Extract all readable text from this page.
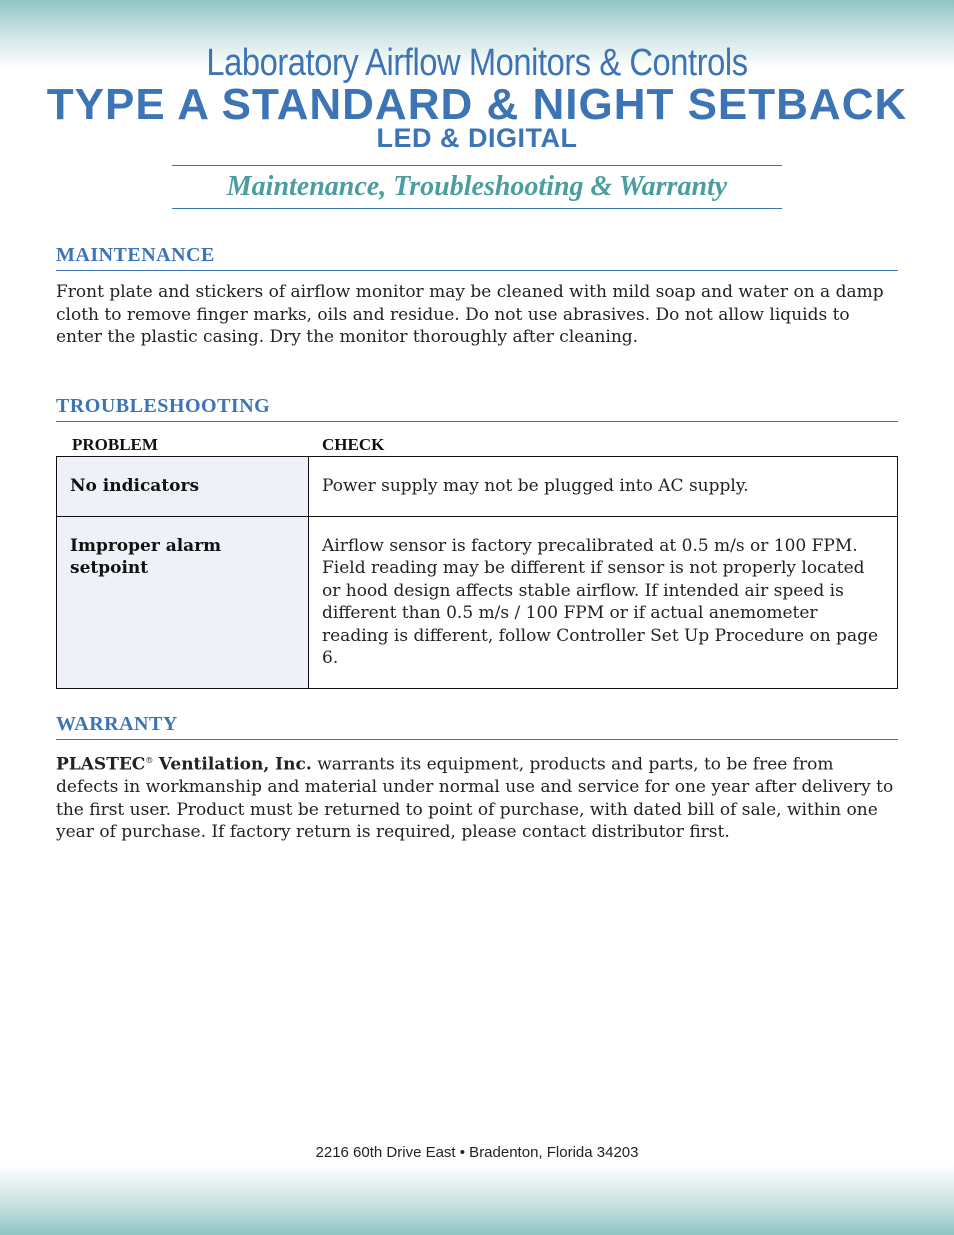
Laboratory Airflow Monitors & Controls
TYPE A STANDARD & NIGHT SETBACK
LED & DIGITAL
Maintenance, Troubleshooting & Warranty
MAINTENANCE
Front plate and stickers of airflow monitor may be cleaned with mild soap and water on a damp cloth to remove finger marks, oils and residue. Do not use abrasives. Do not allow liquids to enter the plastic casing. Dry the monitor thoroughly after cleaning.
TROUBLESHOOTING
PROBLEM	CHECK
No indicators	Power supply may not be plugged into AC supply.
Improper alarm setpoint	Airflow sensor is factory precalibrated at 0.5 m/s or 100 FPM. Field reading may be different if sensor is not properly located or hood design affects stable airflow. If intended air speed is different than 0.5 m/s / 100 FPM or if actual anemometer reading is different, follow Controller Set Up Procedure on page 6.
WARRANTY
PLASTEC® Ventilation, Inc. warrants its equipment, products and parts, to be free from defects in workmanship and material under normal use and service for one year after delivery to the first user. Product must be returned to point of purchase, with dated bill of sale, within one year of purchase. If factory return is required, please contact distributor first.
2216 60th Drive East • Bradenton, Florida 34203
